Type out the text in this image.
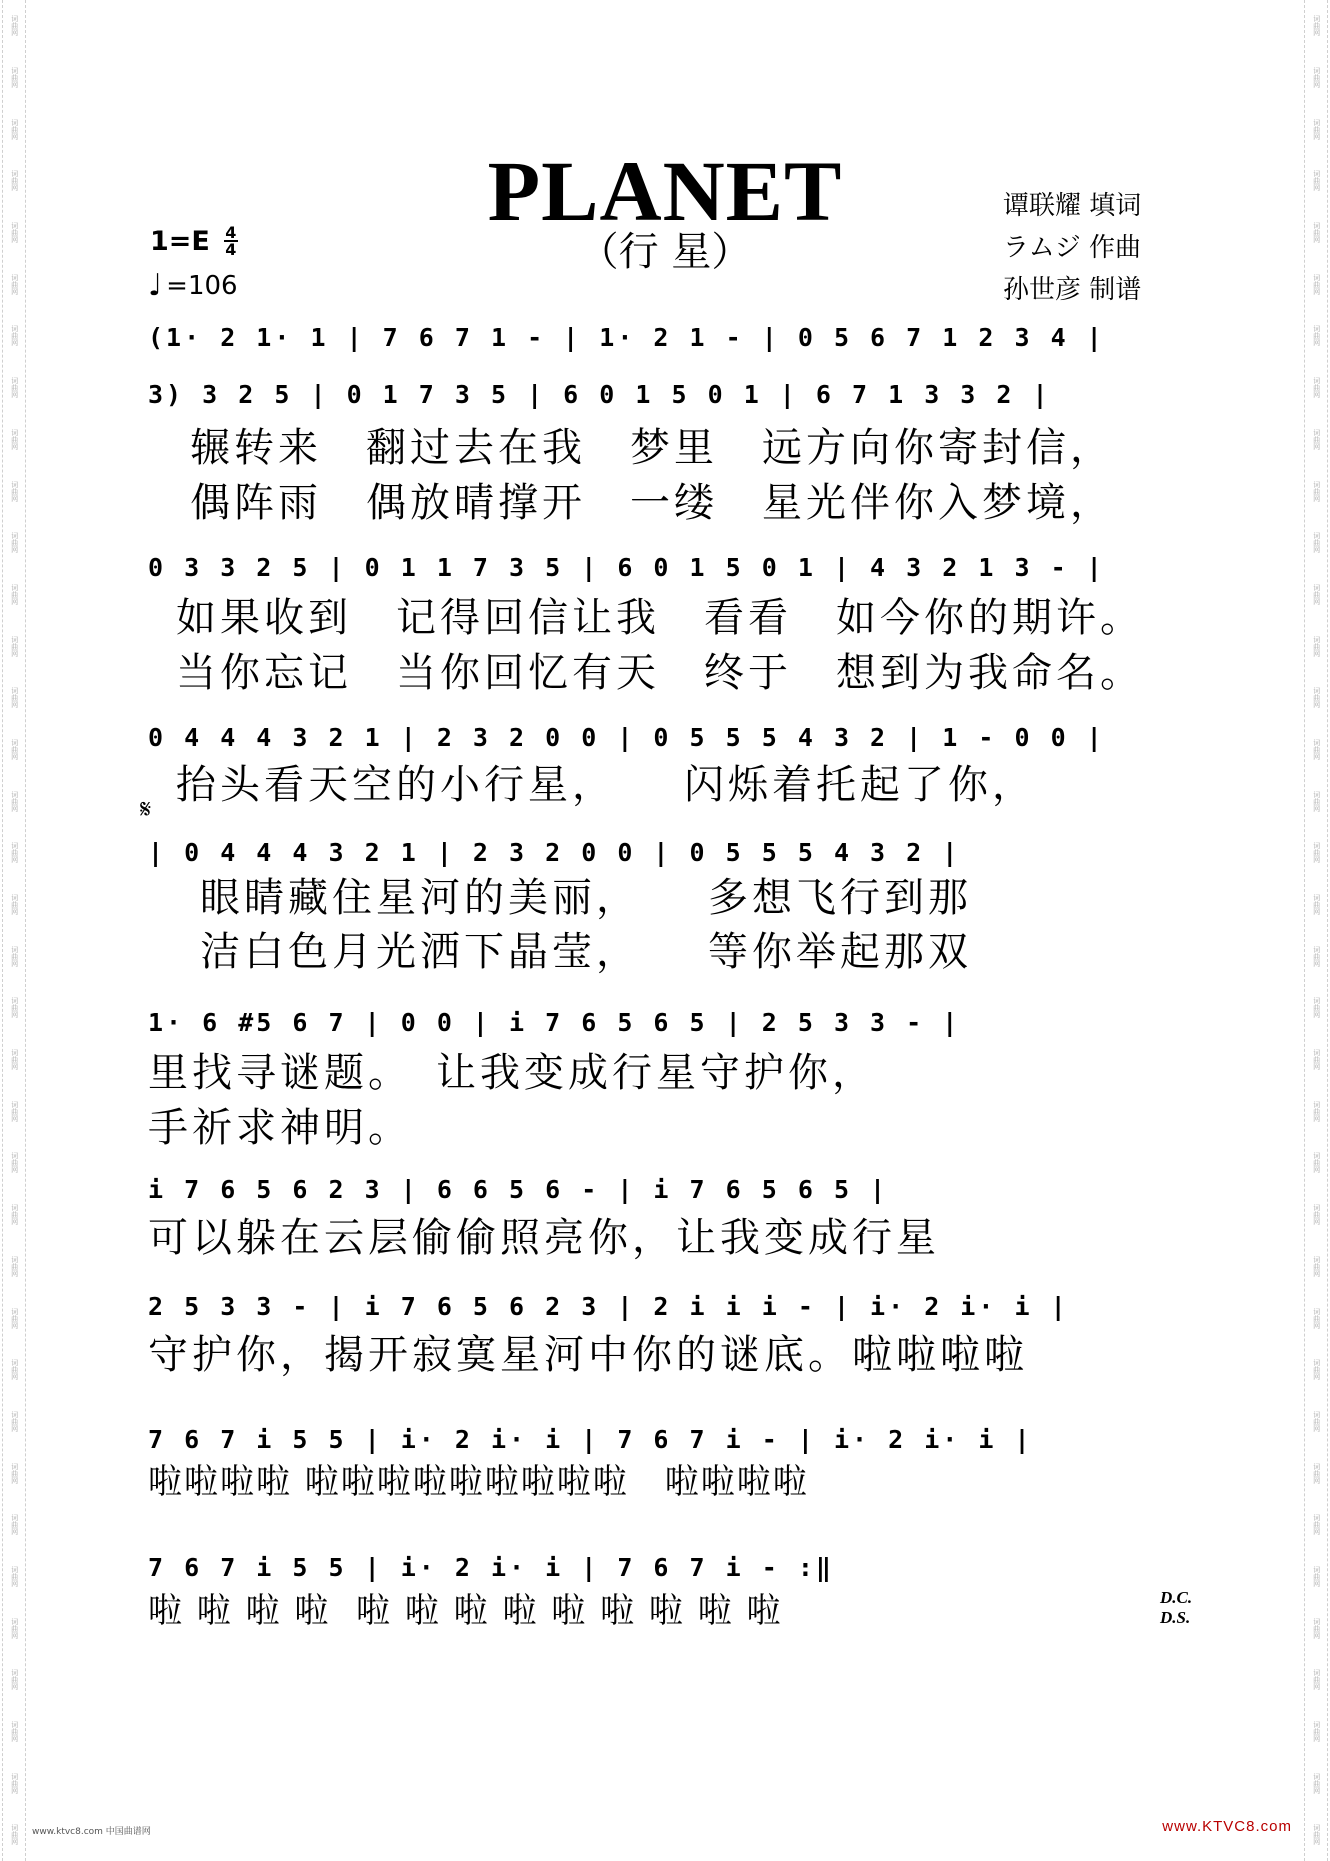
词曲网
词曲网
词曲网
词曲网
词曲网
词曲网
词曲网
词曲网
词曲网
词曲网
词曲网
词曲网
词曲网
词曲网
词曲网
词曲网
词曲网
词曲网
词曲网
词曲网
词曲网
词曲网
词曲网
词曲网
词曲网
词曲网
词曲网
词曲网
词曲网
词曲网
词曲网
词曲网
词曲网
词曲网
词曲网
词曲网
词曲网
词曲网
词曲网
词曲网
词曲网
词曲网
词曲网
词曲网
词曲网
词曲网
词曲网
词曲网
词曲网
词曲网
词曲网
词曲网
词曲网
词曲网
词曲网
词曲网
词曲网
词曲网
词曲网
词曲网
词曲网
词曲网
词曲网
词曲网
词曲网
词曲网
词曲网
词曲网
词曲网
词曲网
词曲网
词曲网
PLANET
（行 星）
谭联耀 填词
ラムジ 作曲
孙世彦 制谱
1=E 4
4
♩ =106
(1· 2 1· 1 | 7 6 7 1 - | 1· 2 1 - | 0 5 6 7 1 2 3 4 |
3) 3 2 5 | 0 1 7 3 5 | 6 0 1 5 0 1 | 6 7 1 3 3 2 |
辗转来　翻过去在我　梦里　远方向你寄封信，
偶阵雨　偶放晴撑开　一缕　星光伴你入梦境，
0 3 3 2 5 | 0 1 1 7 3 5 | 6 0 1 5 0 1 | 4 3 2 1 3 - |
如果收到　记得回信让我　看看　如今你的期许。
当你忘记　当你回忆有天　终于　想到为我命名。
0 4 4 4 3 2 1 | 2 3 2 0 0 | 0 5 5 5 4 3 2 | 1 - 0 0 |
抬头看天空的小行星，　　闪烁着托起了你，
𝄋
| 0 4 4 4 3 2 1 | 2 3 2 0 0 | 0 5 5 5 4 3 2 |
眼睛藏住星河的美丽，　　多想飞行到那
洁白色月光洒下晶莹，　　等你举起那双
1· 6 #5 6 7 | 0 0 | i 7 6 5 6 5 | 2 5 3 3 - |
里找寻谜题。　让我变成行星守护你，
手祈求神明。
i 7 6 5 6 2 3 | 6 6 5 6 - | i 7 6 5 6 5 |
可以躲在云层偷偷照亮你，让我变成行星
2 5 3 3 - | i 7 6 5 6 2 3 | 2 i i i - | i· 2 i· i |
守护你，揭开寂寞星河中你的谜底。啦啦啦啦
7 6 7 i 5 5 | i· 2 i· i | 7 6 7 i - | i· 2 i· i |
啦啦啦啦 啦啦啦啦啦啦啦啦啦　啦啦啦啦
7 6 7 i 5 5 | i· 2 i· i | 7 6 7 i - :‖
啦 啦 啦 啦  啦 啦 啦 啦 啦 啦 啦 啦 啦	D.C.
D.S.
www.ktvc8.com 中国曲谱网	www.KTVC8.com
